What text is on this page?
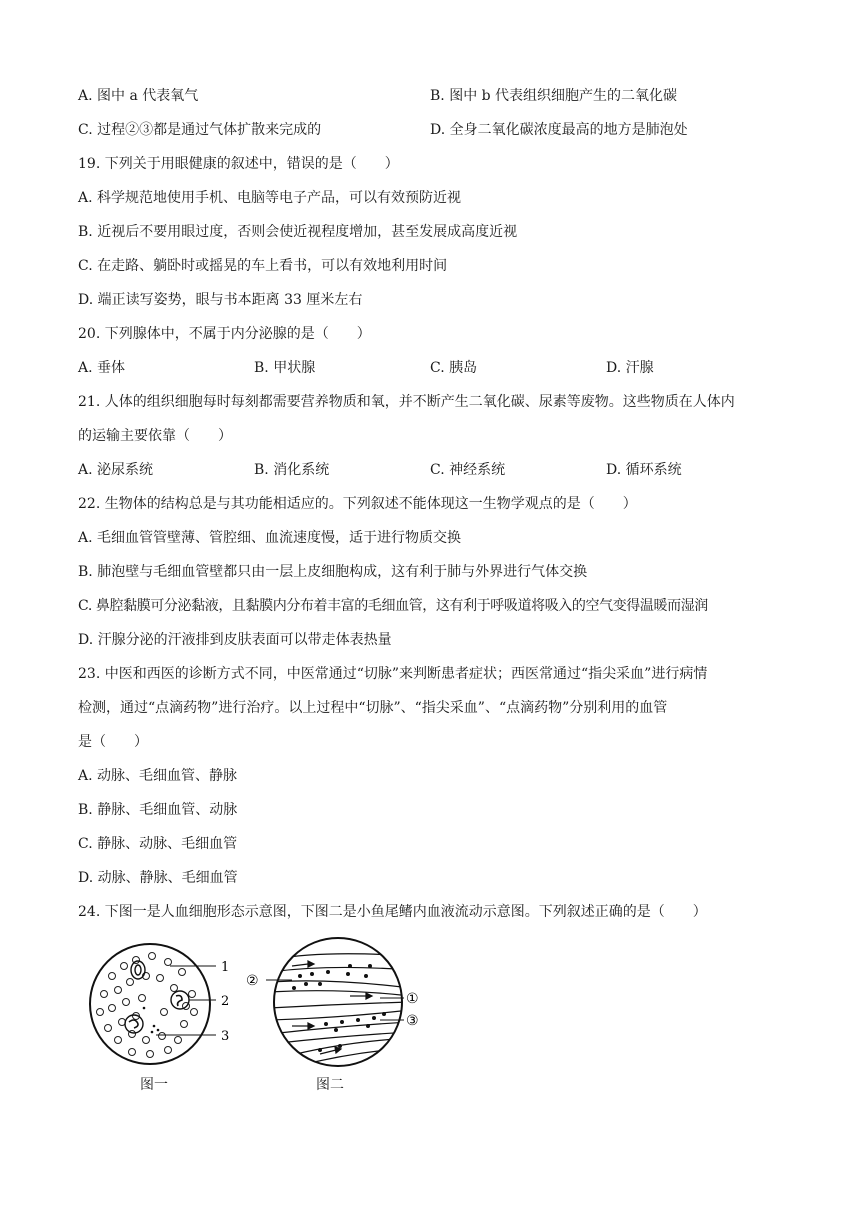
A. 图中 a 代表氧气	B. 图中 b 代表组织细胞产生的二氧化碳
C. 过程②③都是通过气体扩散来完成的	D. 全身二氧化碳浓度最高的地方是肺泡处
19. 下列关于用眼健康的叙述中，错误的是（　　）
A. 科学规范地使用手机、电脑等电子产品，可以有效预防近视
B. 近视后不要用眼过度，否则会使近视程度增加，甚至发展成高度近视
C. 在走路、躺卧时或摇晃的车上看书，可以有效地利用时间
D. 端正读写姿势，眼与书本距离 33 厘米左右
20. 下列腺体中，不属于内分泌腺的是（　　）
A. 垂体	B. 甲状腺	C. 胰岛	D. 汗腺
21. 人体的组织细胞每时每刻都需要营养物质和氧，并不断产生二氧化碳、尿素等废物。这些物质在人体内
的运输主要依靠（　　）
A. 泌尿系统	B. 消化系统	C. 神经系统	D. 循环系统
22. 生物体的结构总是与其功能相适应的。下列叙述不能体现这一生物学观点的是（　　）
A. 毛细血管管壁薄、管腔细、血流速度慢，适于进行物质交换
B. 肺泡壁与毛细血管壁都只由一层上皮细胞构成，这有利于肺与外界进行气体交换
C. 鼻腔黏膜可分泌黏液，且黏膜内分布着丰富的毛细血管，这有利于呼吸道将吸入的空气变得温暖而湿润
D. 汗腺分泌的汗液排到皮肤表面可以带走体表热量
23. 中医和西医的诊断方式不同，中医常通过“切脉”来判断患者症状；西医常通过“指尖采血”进行病情
检测，通过“点滴药物”进行治疗。以上过程中“切脉”、“指尖采血”、“点滴药物”分别利用的血管
是（　　）
A. 动脉、毛细血管、静脉
B. 静脉、毛细血管、动脉
C. 静脉、动脉、毛细血管
D. 动脉、静脉、毛细血管
24. 下图一是人血细胞形态示意图，下图二是小鱼尾鳍内血液流动示意图。下列叙述正确的是（　　）
1
2
3
图一
②
①
③
图二
